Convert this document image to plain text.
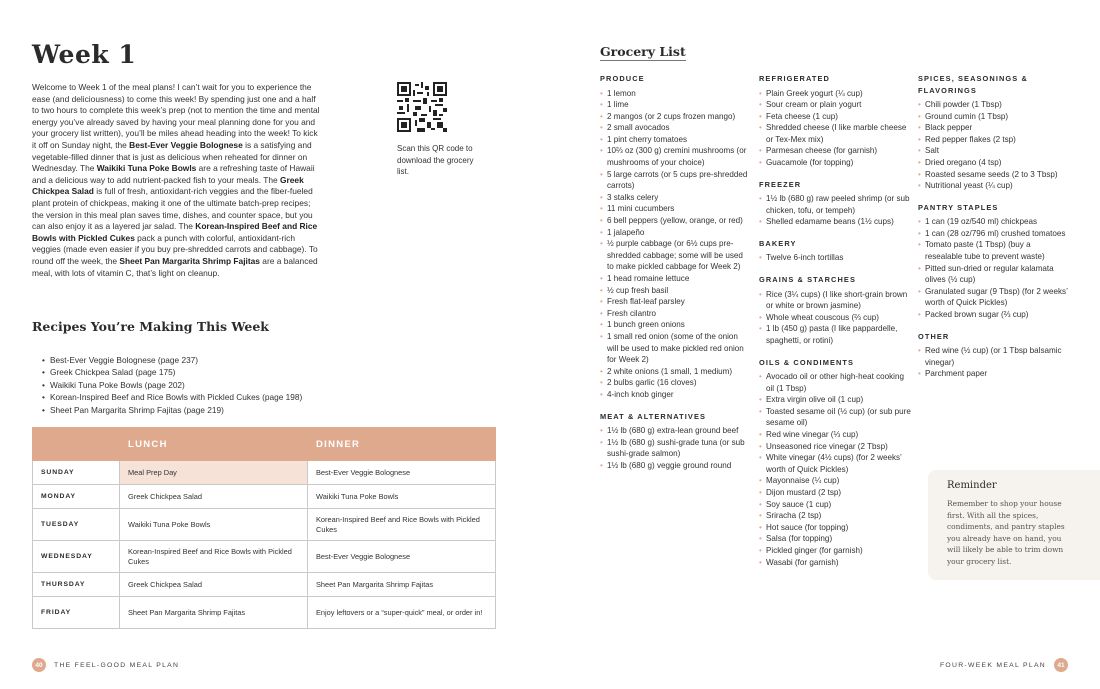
Week 1

Welcome to Week 1 of the meal plans! I can’t wait for you to experience the ease (and deliciousness) to come this week! By spending just one and a half to two hours to complete this week’s prep (not to mention the time and mental energy you’ve already saved by having your meal planning done for you and your grocery list written), you’ll be miles ahead heading into the week! To kick it off on Sunday night, the Best-Ever Veggie Bolognese is a satisfying and vegetable-filled dinner that is just as delicious when reheated for dinner on Wednesday. The Waikiki Tuna Poke Bowls are a refreshing taste of Hawaii and a delicious way to add nutrient-packed fish to your meals. The Greek Chickpea Salad is full of fresh, antioxidant-rich veggies and the fiber-fueled plant protein of chickpeas, making it one of the ultimate batch-prep recipes; the version in this meal plan saves time, dishes, and counter space, but you can also enjoy it as a layered jar salad. The Korean-Inspired Beef and Rice Bowls with Pickled Cukes pack a punch with colorful, antioxidant-rich veggies (made even easier if you buy pre-shredded carrots and cabbage). To round off the week, the Sheet Pan Margarita Shrimp Fajitas are a balanced meal, with lots of vitamin C, that’s light on cleanup.

Scan this QR code to download the grocery list.

Recipes You’re Making This Week
• Best-Ever Veggie Bolognese (page 237)
• Greek Chickpea Salad (page 175)
• Waikiki Tuna Poke Bowls (page 202)
• Korean-Inspired Beef and Rice Bowls with Pickled Cukes (page 198)
• Sheet Pan Margarita Shrimp Fajitas (page 219)
	LUNCH	DINNER
SUNDAY	Meal Prep Day	Best-Ever Veggie Bolognese
MONDAY	Greek Chickpea Salad	Waikiki Tuna Poke Bowls
TUESDAY	Waikiki Tuna Poke Bowls	Korean-Inspired Beef and Rice Bowls with Pickled Cukes
WEDNESDAY	Korean-Inspired Beef and Rice Bowls with Pickled Cukes	Best-Ever Veggie Bolognese
THURSDAY	Greek Chickpea Salad	Sheet Pan Margarita Shrimp Fajitas
FRIDAY	Sheet Pan Margarita Shrimp Fajitas	Enjoy leftovers or a “super-quick” meal, or order in!
40	THE FEEL-GOOD MEAL PLAN
Grocery List
PRODUCE
• 1 lemon
• 1 lime
• 2 mangos (or 2 cups frozen mango)
• 2 small avocados
• 1 pint cherry tomatoes
• 10⅔ oz (300 g) cremini mushrooms (or mushrooms of your choice)
• 5 large carrots (or 5 cups pre-shredded carrots)
• 3 stalks celery
• 11 mini cucumbers
• 6 bell peppers (yellow, orange, or red)
• 1 jalapeño
• ½ purple cabbage (or 6½ cups pre-shredded cabbage; some will be used to make pickled cabbage for Week 2)
• 1 head romaine lettuce
• ½ cup fresh basil
• Fresh flat-leaf parsley
• Fresh cilantro
• 1 bunch green onions
• 1 small red onion (some of the onion will be used to make pickled red onion for Week 2)
• 2 white onions (1 small, 1 medium)
• 2 bulbs garlic (16 cloves)
• 4-inch knob ginger
MEAT & ALTERNATIVES
• 1½ lb (680 g) extra-lean ground beef
• 1½ lb (680 g) sushi-grade tuna (or sub sushi-grade salmon)
• 1½ lb (680 g) veggie ground round
REFRIGERATED
• Plain Greek yogurt (¼ cup)
• Sour cream or plain yogurt
• Feta cheese (1 cup)
• Shredded cheese (I like marble cheese or Tex-Mex mix)
• Parmesan cheese (for garnish)
• Guacamole (for topping)
FREEZER
• 1½ lb (680 g) raw peeled shrimp (or sub chicken, tofu, or tempeh)
• Shelled edamame beans (1½ cups)
BAKERY
• Twelve 6-inch tortillas
GRAINS & STARCHES
• Rice (3¼ cups) (I like short-grain brown or white or brown jasmine)
• Whole wheat couscous (⅔ cup)
• 1 lb (450 g) pasta (I like pappardelle, spaghetti, or rotini)
OILS & CONDIMENTS
• Avocado oil or other high-heat cooking oil (1 Tbsp)
• Extra virgin olive oil (1 cup)
• Toasted sesame oil (½ cup) (or sub pure sesame oil)
• Red wine vinegar (⅓ cup)
• Unseasoned rice vinegar (2 Tbsp)
• White vinegar (4½ cups) (for 2 weeks’ worth of Quick Pickles)
• Mayonnaise (¼ cup)
• Dijon mustard (2 tsp)
• Soy sauce (1 cup)
• Sriracha (2 tsp)
• Hot sauce (for topping)
• Salsa (for topping)
• Pickled ginger (for garnish)
• Wasabi (for garnish)
SPICES, SEASONINGS & FLAVORINGS
• Chili powder (1 Tbsp)
• Ground cumin (1 Tbsp)
• Black pepper
• Red pepper flakes (2 tsp)
• Salt
• Dried oregano (4 tsp)
• Roasted sesame seeds (2 to 3 Tbsp)
• Nutritional yeast (¼ cup)
PANTRY STAPLES
• 1 can (19 oz/540 ml) chickpeas
• 1 can (28 oz/796 ml) crushed tomatoes
• Tomato paste (1 Tbsp) (buy a resealable tube to prevent waste)
• Pitted sun-dried or regular kalamata olives (½ cup)
• Granulated sugar (9 Tbsp) (for 2 weeks’ worth of Quick Pickles)
• Packed brown sugar (⅔ cup)
OTHER
• Red wine (½ cup) (or 1 Tbsp balsamic vinegar)
• Parchment paper
Reminder
Remember to shop your house first. With all the spices, condiments, and pantry staples you already have on hand, you will likely be able to trim down your grocery list.
FOUR-WEEK MEAL PLAN	41
